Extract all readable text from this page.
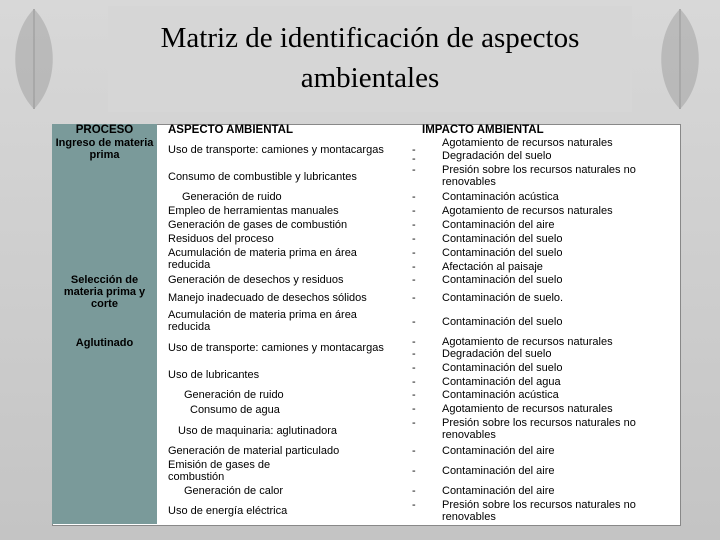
Matriz de identificación de aspectos ambientales
PROCESO	ASPECTO AMBIENTAL	IMPACTO AMBIENTAL
Ingreso de materia prima
Selección de materia prima y corte
Aglutinado
Uso de transporte: camiones y montacargas
Consumo de combustible y lubricantes
Generación de ruido
Empleo de herramientas manuales
Generación de gases de combustión
Residuos del proceso
Acumulación de materia prima en área reducida
Generación de desechos y residuos
Manejo inadecuado de desechos sólidos
Acumulación de materia prima en área reducida
Uso de transporte: camiones y montacargas
Uso de lubricantes
Generación de ruido
Consumo de agua
Uso de maquinaria: aglutinadora
Generación de material particulado
Emisión de gases de combustión
Generación de calor
Uso de energía eléctrica
-
-
-
-
-
-
-
-
-
-
-
-
-
-
-
-
-
-
-
-
-
-
-
Agotamiento de recursos naturales
Degradación del suelo
Presión sobre los recursos naturales no renovables
Contaminación acústica
Agotamiento de recursos naturales
Contaminación del aire
Contaminación del suelo
Contaminación del suelo
Afectación al paisaje
Contaminación del suelo
Contaminación de suelo.
Contaminación del suelo
Agotamiento de recursos naturales
Degradación del suelo
Contaminación del suelo
Contaminación del agua
Contaminación acústica
Agotamiento de recursos naturales
Presión sobre los recursos naturales no renovables
Contaminación del aire
Contaminación del aire
Contaminación del aire
Presión sobre los recursos naturales no renovables
